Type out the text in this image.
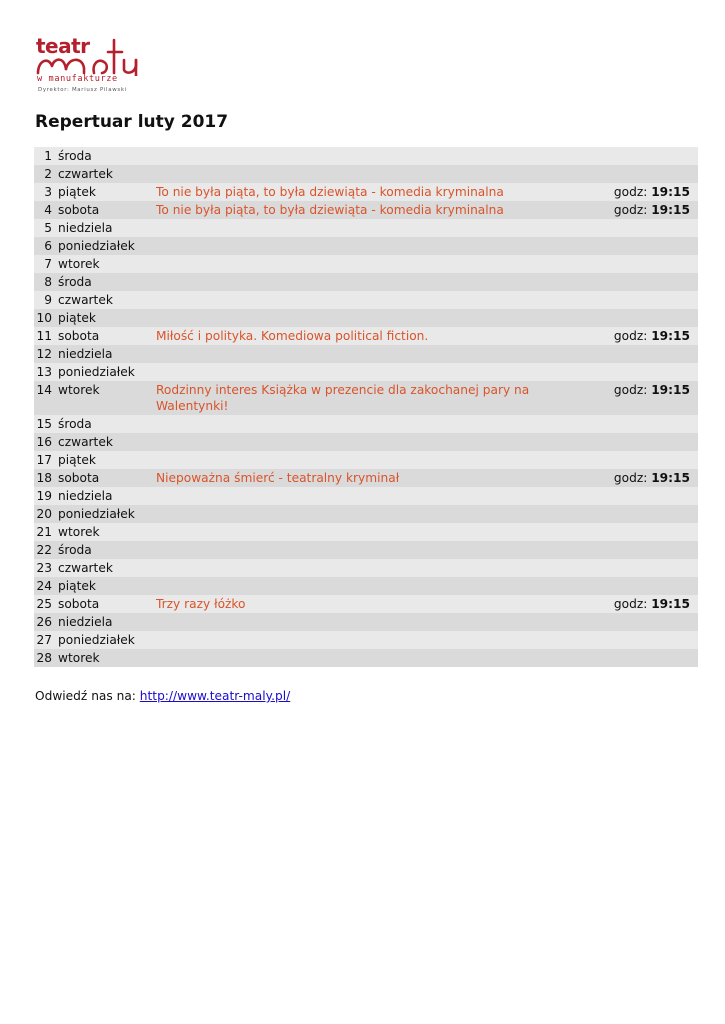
teatr
w manufakturze
Dyrektor: Mariusz Pilawski
Repertuar luty 2017
1	środa		
2	czwartek		
3	piątek	To nie była piąta, to była dziewiąta - komedia kryminalna	godz: 19:15
4	sobota	To nie była piąta, to była dziewiąta - komedia kryminalna	godz: 19:15
5	niedziela		
6	poniedziałek		
7	wtorek		
8	środa		
9	czwartek		
10	piątek		
11	sobota	Miłość i polityka. Komediowa political fiction.	godz: 19:15
12	niedziela		
13	poniedziałek		
14	wtorek	Rodzinny interes Książka w prezencie dla zakochanej pary na Walentynki!	godz: 19:15
15	środa		
16	czwartek		
17	piątek		
18	sobota	Niepoważna śmierć - teatralny kryminał	godz: 19:15
19	niedziela		
20	poniedziałek		
21	wtorek		
22	środa		
23	czwartek		
24	piątek		
25	sobota	Trzy razy łóżko	godz: 19:15
26	niedziela		
27	poniedziałek		
28	wtorek		
Odwiedź nas na: http://www.teatr-maly.pl/
